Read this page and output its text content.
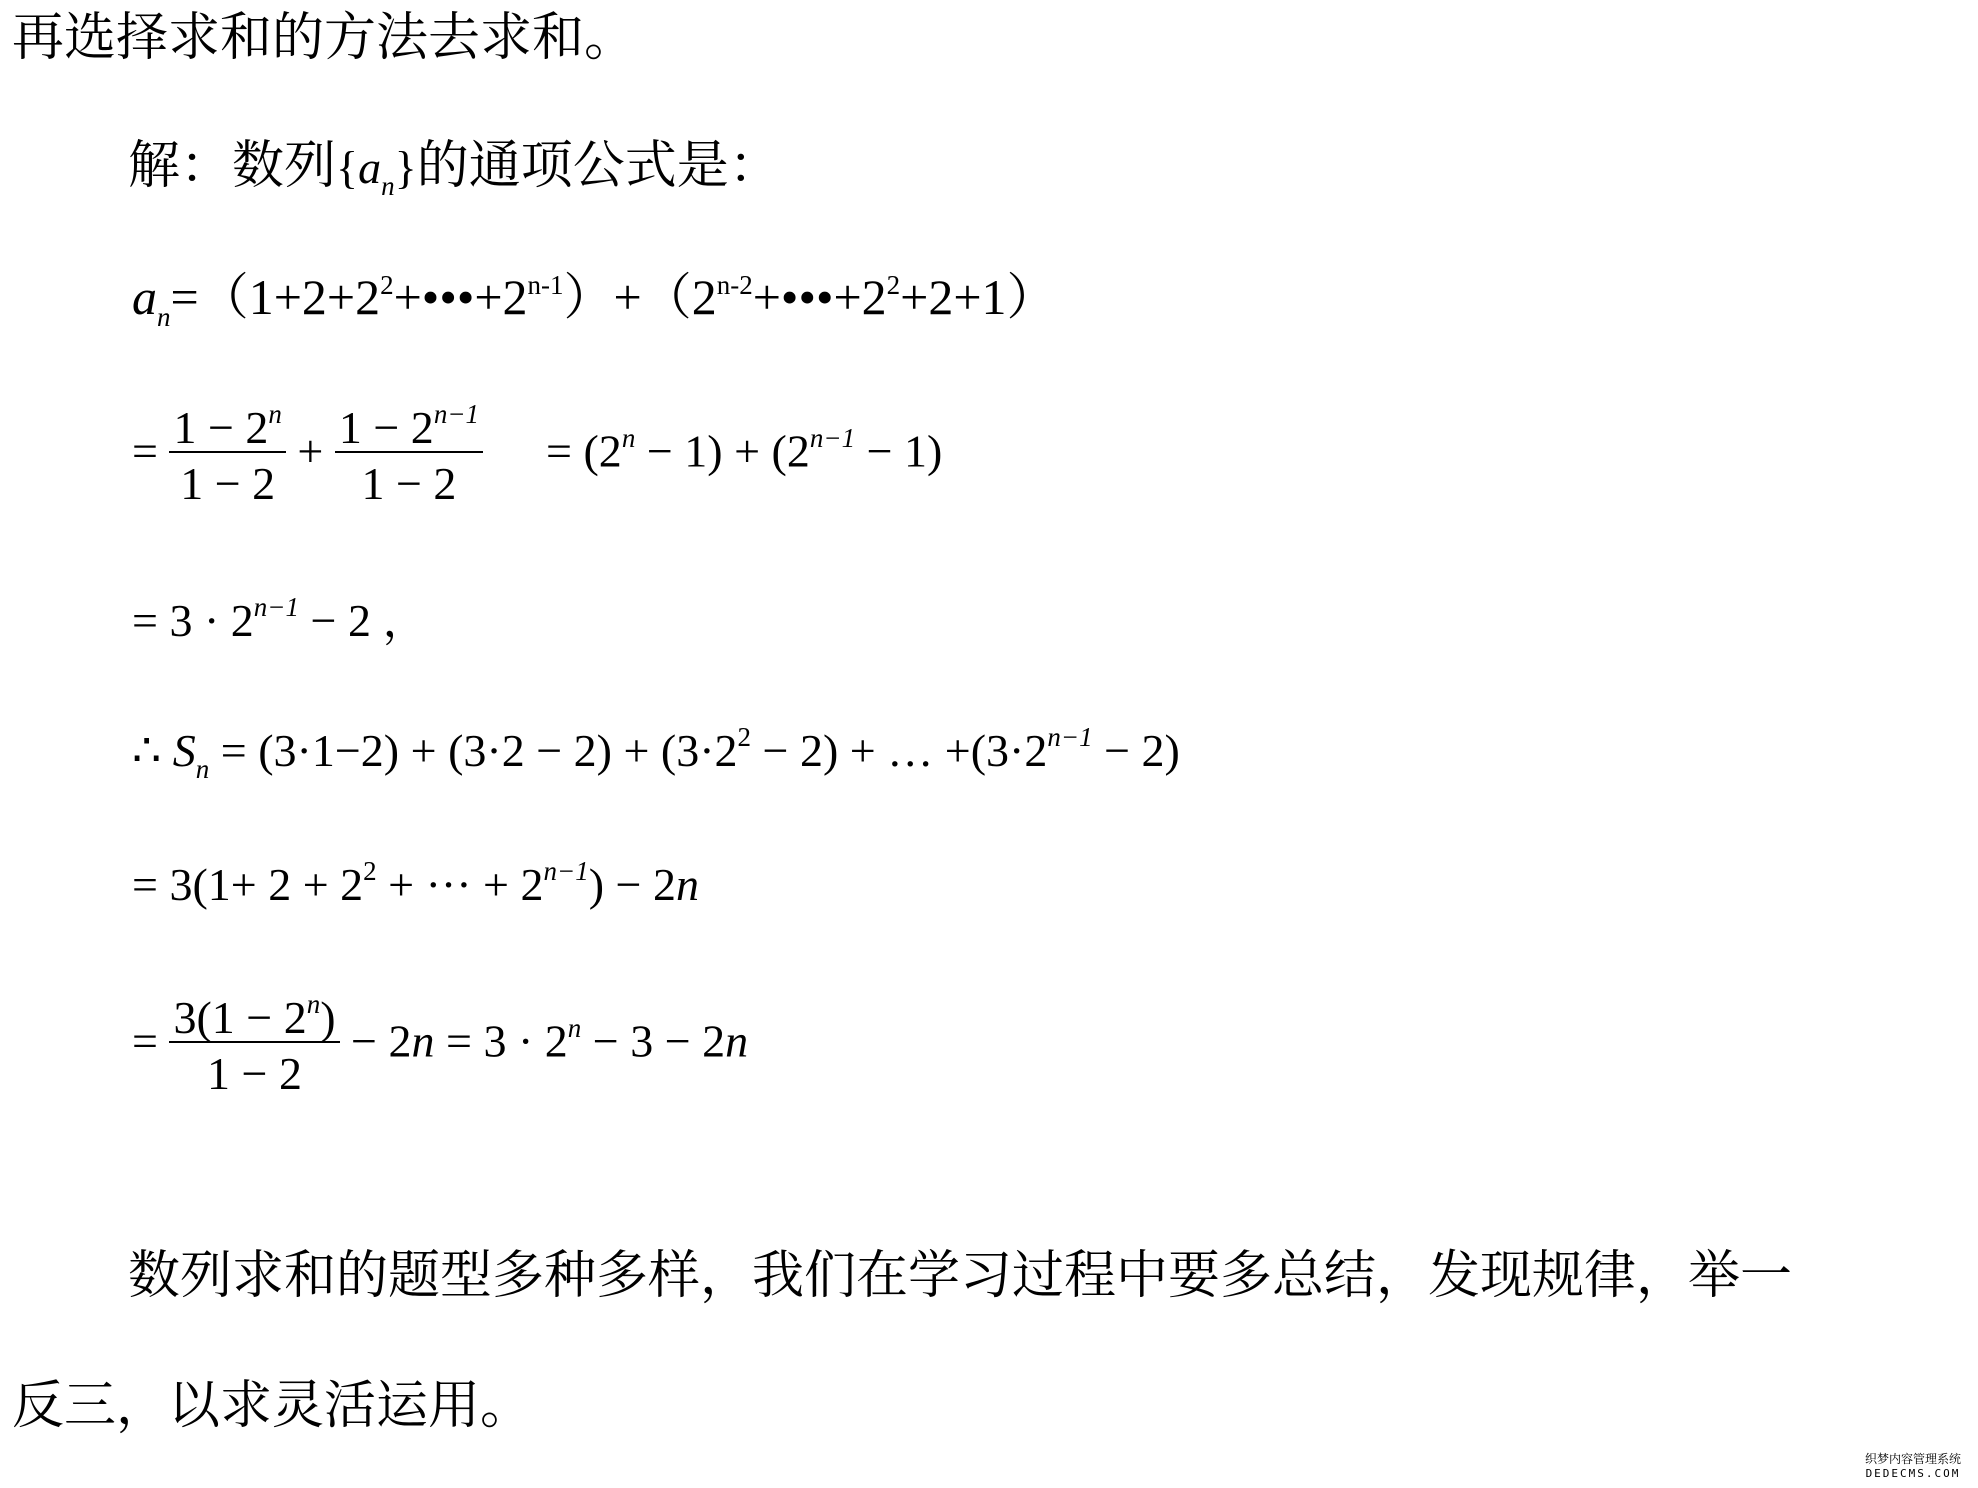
再选择求和的方法去求和。
解：数列$\{a_n\}$的通项公式是：
$a_n=(1+2+2^2+•••+2^{n-1})+(2^{n-2}+•••+2^2+2+1)$
= $\frac{1 - 2^n}{1 - 2} + \frac{1 - 2^{n-1}}{1 - 2} = (2^n - 1) + (2^{n-1} - 1)$
= $3 \cdot 2^{n-1} - 2$ ，
∴ $S_n = (3\cdot 1-2) + (3\cdot 2 - 2) + (3\cdot 2^2 - 2)$ + … $+(3\cdot 2^{n-1} - 2)$
= $3(1+ 2 + 2^2$ + ··· + $2^{n-1}) - 2n$
= $\frac{3(1 - 2^n)}{1 - 2} - 2n = 3 \cdot 2^n - 3 - 2n$
数列求和的题型多种多样，我们在学习过程中要多总结，发现规律，举一
反三，以求灵活运用。
织梦内容管理系统
DEDECMS.COM
